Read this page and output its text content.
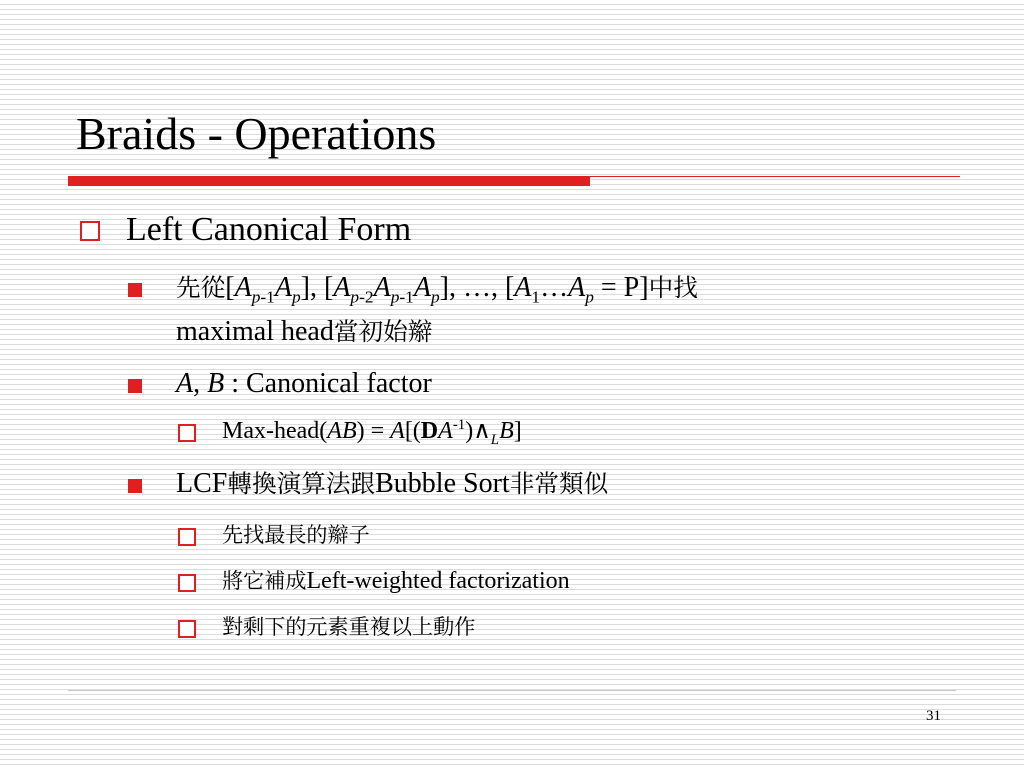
Braids - Operations
Left Canonical Form
先從$[A_{p-1}A_p]$, $[A_{p-2}A_{p-1}A_p]$, …, $[A_1\dots A_p = P]$中找
maximal head當初始辮
A, B : Canonical factor
Max-head(AB) = $A[(DA^{-1})\wedge_LB]$
LCF轉換演算法跟Bubble Sort非常類似
先找最長的辮子
將它補成Left-weighted factorization
對剩下的元素重複以上動作
31
